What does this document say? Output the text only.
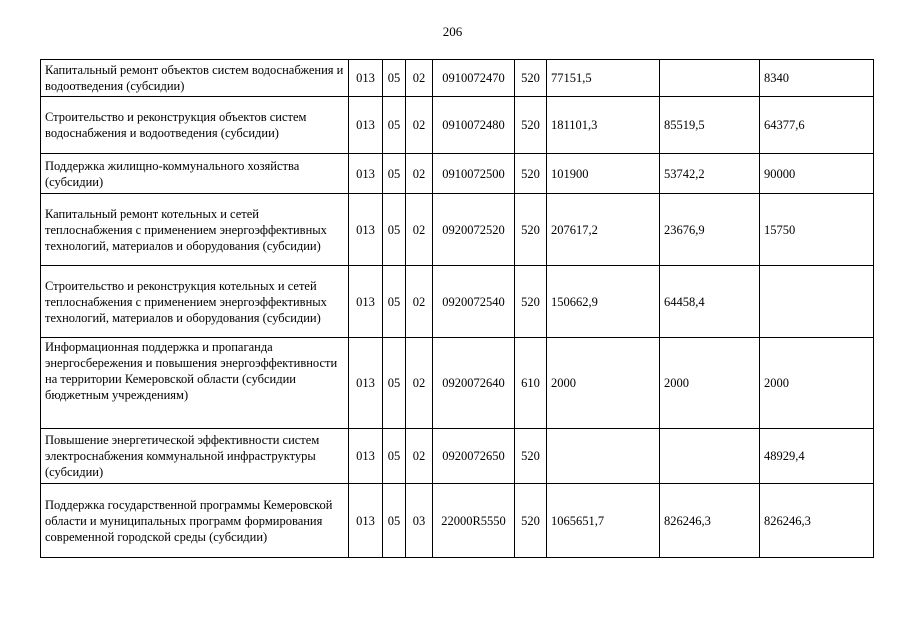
206
Капитальный ремонт объектов систем водоснабжения и водоотведения (субсидии)	013	05	02	0910072470	520	77151,5		8340
Строительство и реконструкция объектов систем водоснабжения и водоотведения (субсидии)	013	05	02	0910072480	520	181101,3	85519,5	64377,6
Поддержка жилищно-коммунального хозяйства (субсидии)	013	05	02	0910072500	520	101900	53742,2	90000
Капитальный ремонт котельных и сетей теплоснабжения с применением энергоэффективных технологий, материалов и оборудования (субсидии)	013	05	02	0920072520	520	207617,2	23676,9	15750
Строительство и реконструкция котельных и сетей теплоснабжения с применением энергоэффективных технологий, материалов и оборудования (субсидии)	013	05	02	0920072540	520	150662,9	64458,4	
Информационная поддержка и пропаганда энергосбережения и повышения энергоэффективности на территории Кемеровской области (субсидии бюджетным учреждениям)	013	05	02	0920072640	610	2000	2000	2000
Повышение энергетической эффективности систем электроснабжения коммунальной инфраструктуры (субсидии)	013	05	02	0920072650	520			48929,4
Поддержка государственной программы Кемеровской области и муниципальных программ формирования современной городской среды (субсидии)	013	05	03	22000R5550	520	1065651,7	826246,3	826246,3
